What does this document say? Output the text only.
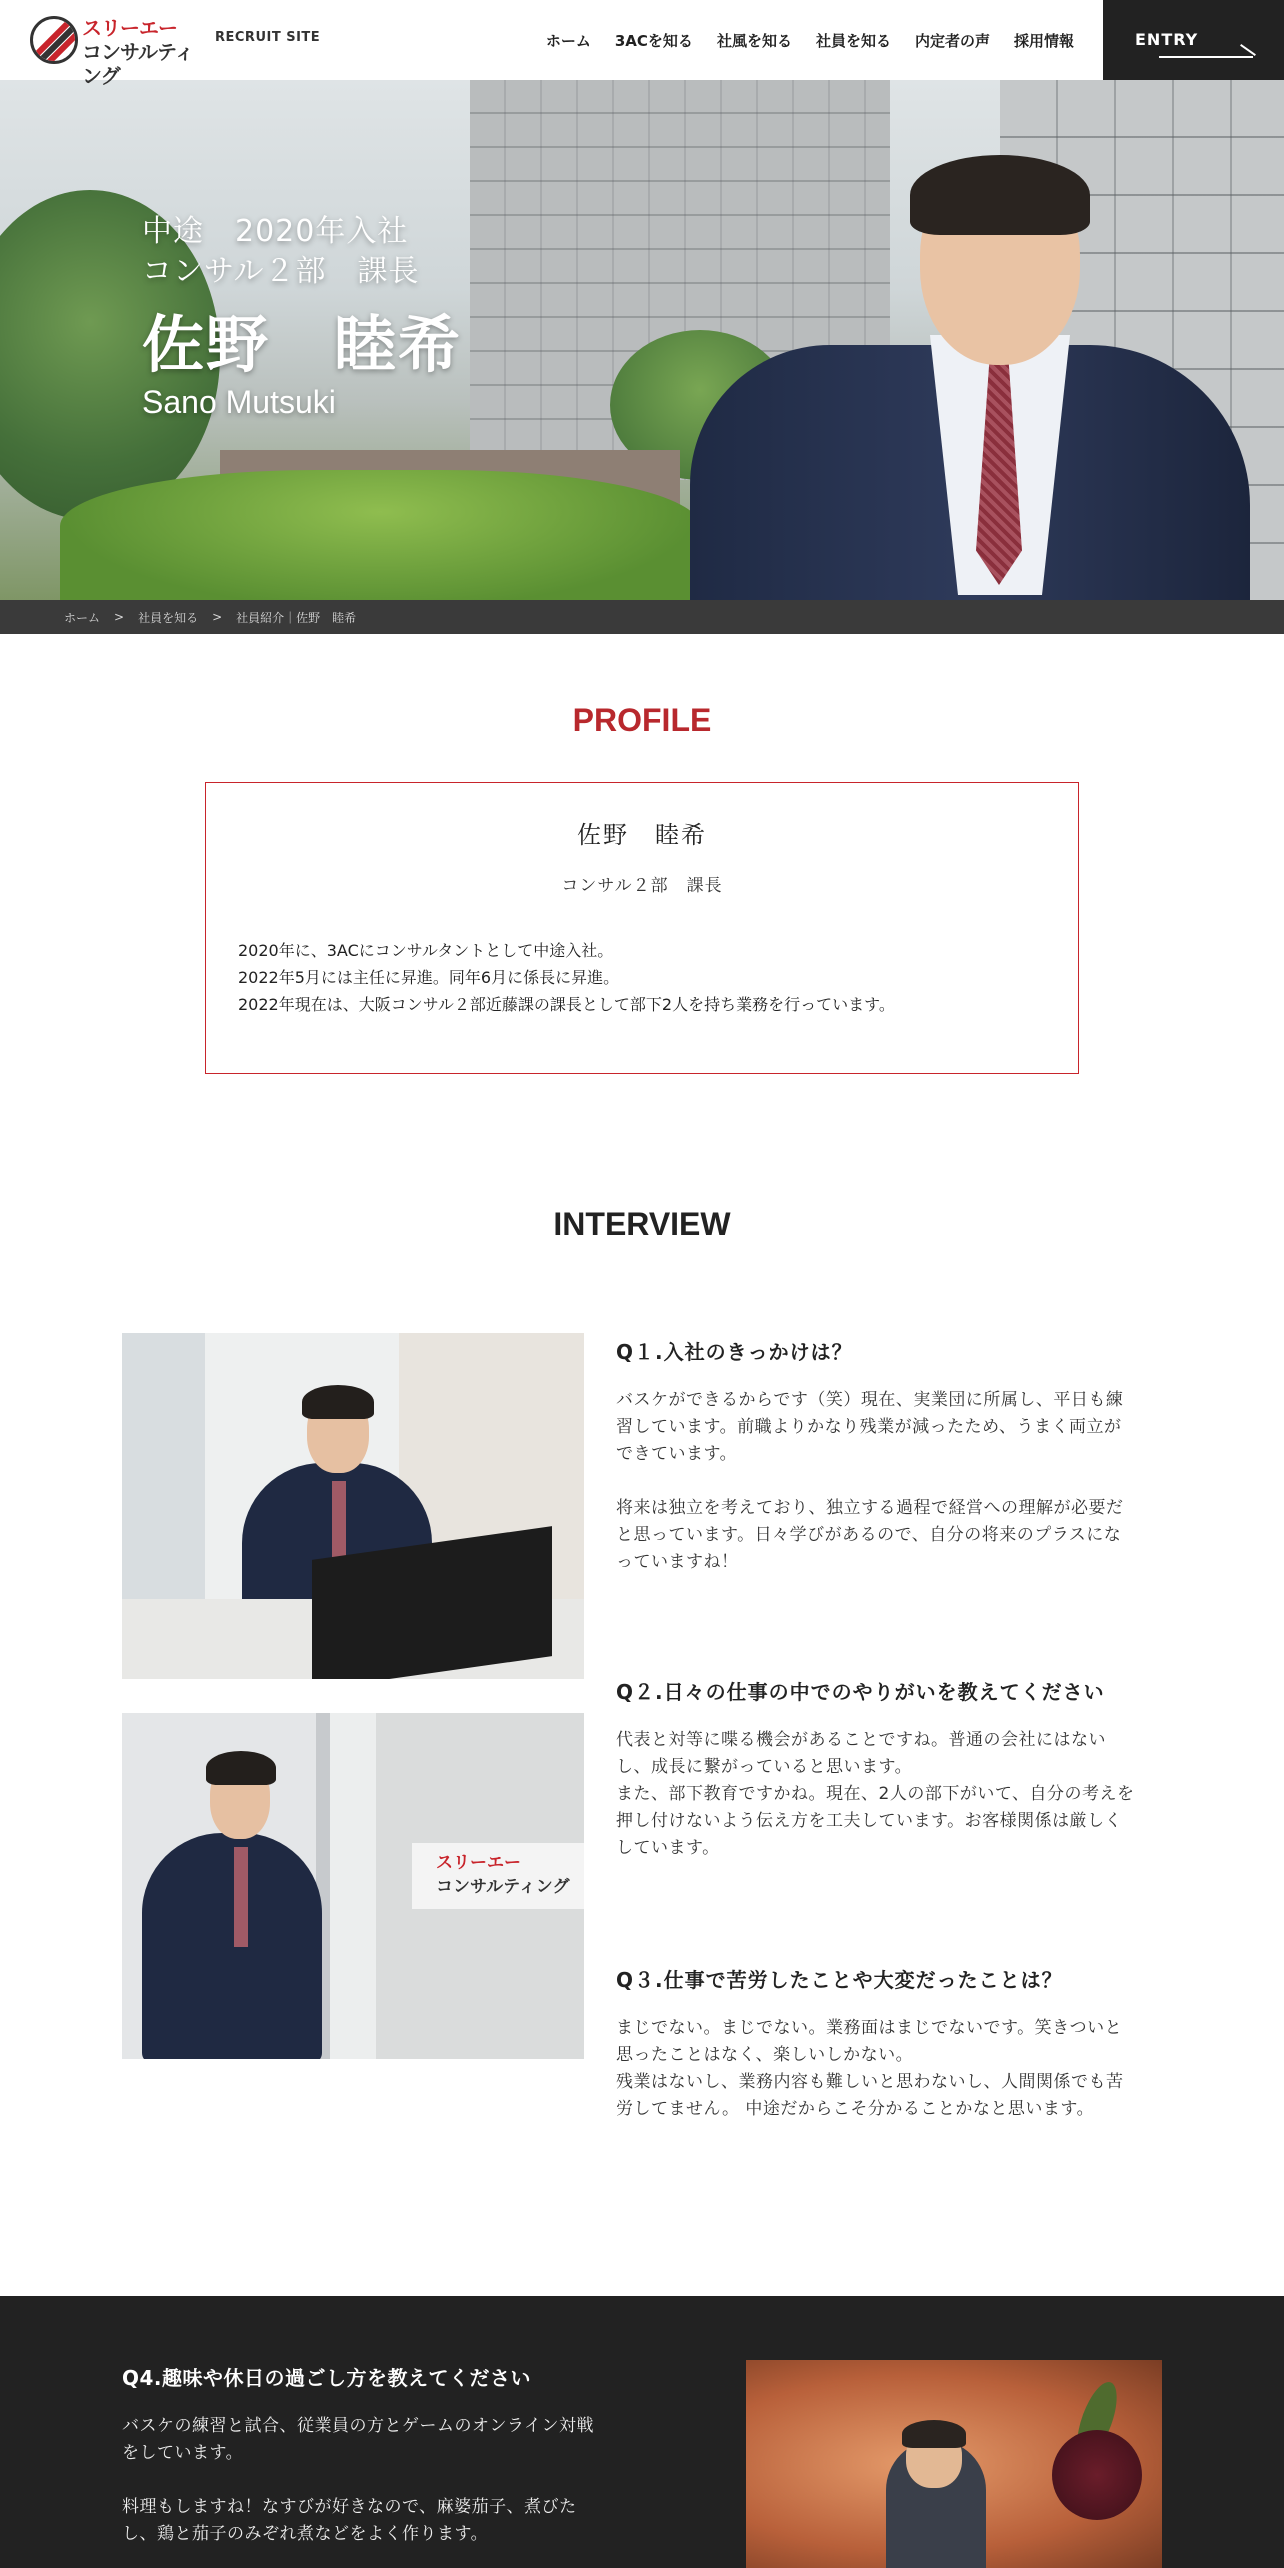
スリーエー
コンサルティング
RECRUIT SITE	ホーム 3ACを知る 社風を知る 社員を知る 内定者の声 採用情報	ENTRY
中途　2020年入社
コンサル２部　課長
佐野　睦希
Sano Mutsuki
ホーム > 社員を知る > 社員紹介｜佐野　睦希
PROFILE
佐野　睦希
コンサル２部　課長

2020年に、3ACにコンサルタントとして中途入社。

2022年5月には主任に昇進。同年6月に係長に昇進。

2022年現在は、大阪コンサル２部近藤課の課長として部下2人を持ち業務を行っています。

INTERVIEW
スリーエー
コンサルティング
Q１.入社のきっかけは？

バスケができるからです（笑）現在、実業団に所属し、平日も練習しています。前職よりかなり残業が減ったため、うまく両立ができています。

将来は独立を考えており、独立する過程で経営への理解が必要だと思っています。日々学びがあるので、自分の将来のプラスになっていますね！

Q２.日々の仕事の中でのやりがいを教えてください

代表と対等に喋る機会があることですね。普通の会社にはないし、成長に繋がっていると思います。

また、部下教育ですかね。現在、2人の部下がいて、自分の考えを押し付けないよう伝え方を工夫しています。お客様関係は厳しくしています。

Q３.仕事で苦労したことや大変だったことは？

まじでない。まじでない。業務面はまじでないです。笑きついと思ったことはなく、楽しいしかない。

残業はないし、業務内容も難しいと思わないし、人間関係でも苦労してません。 中途だからこそ分かることかなと思います。

Q4.趣味や休日の過ごし方を教えてください

バスケの練習と試合、従業員の方とゲームのオンライン対戦をしています。

料理もしますね！なすびが好きなので、麻婆茄子、煮びたし、鶏と茄子のみぞれ煮などをよく作ります。
